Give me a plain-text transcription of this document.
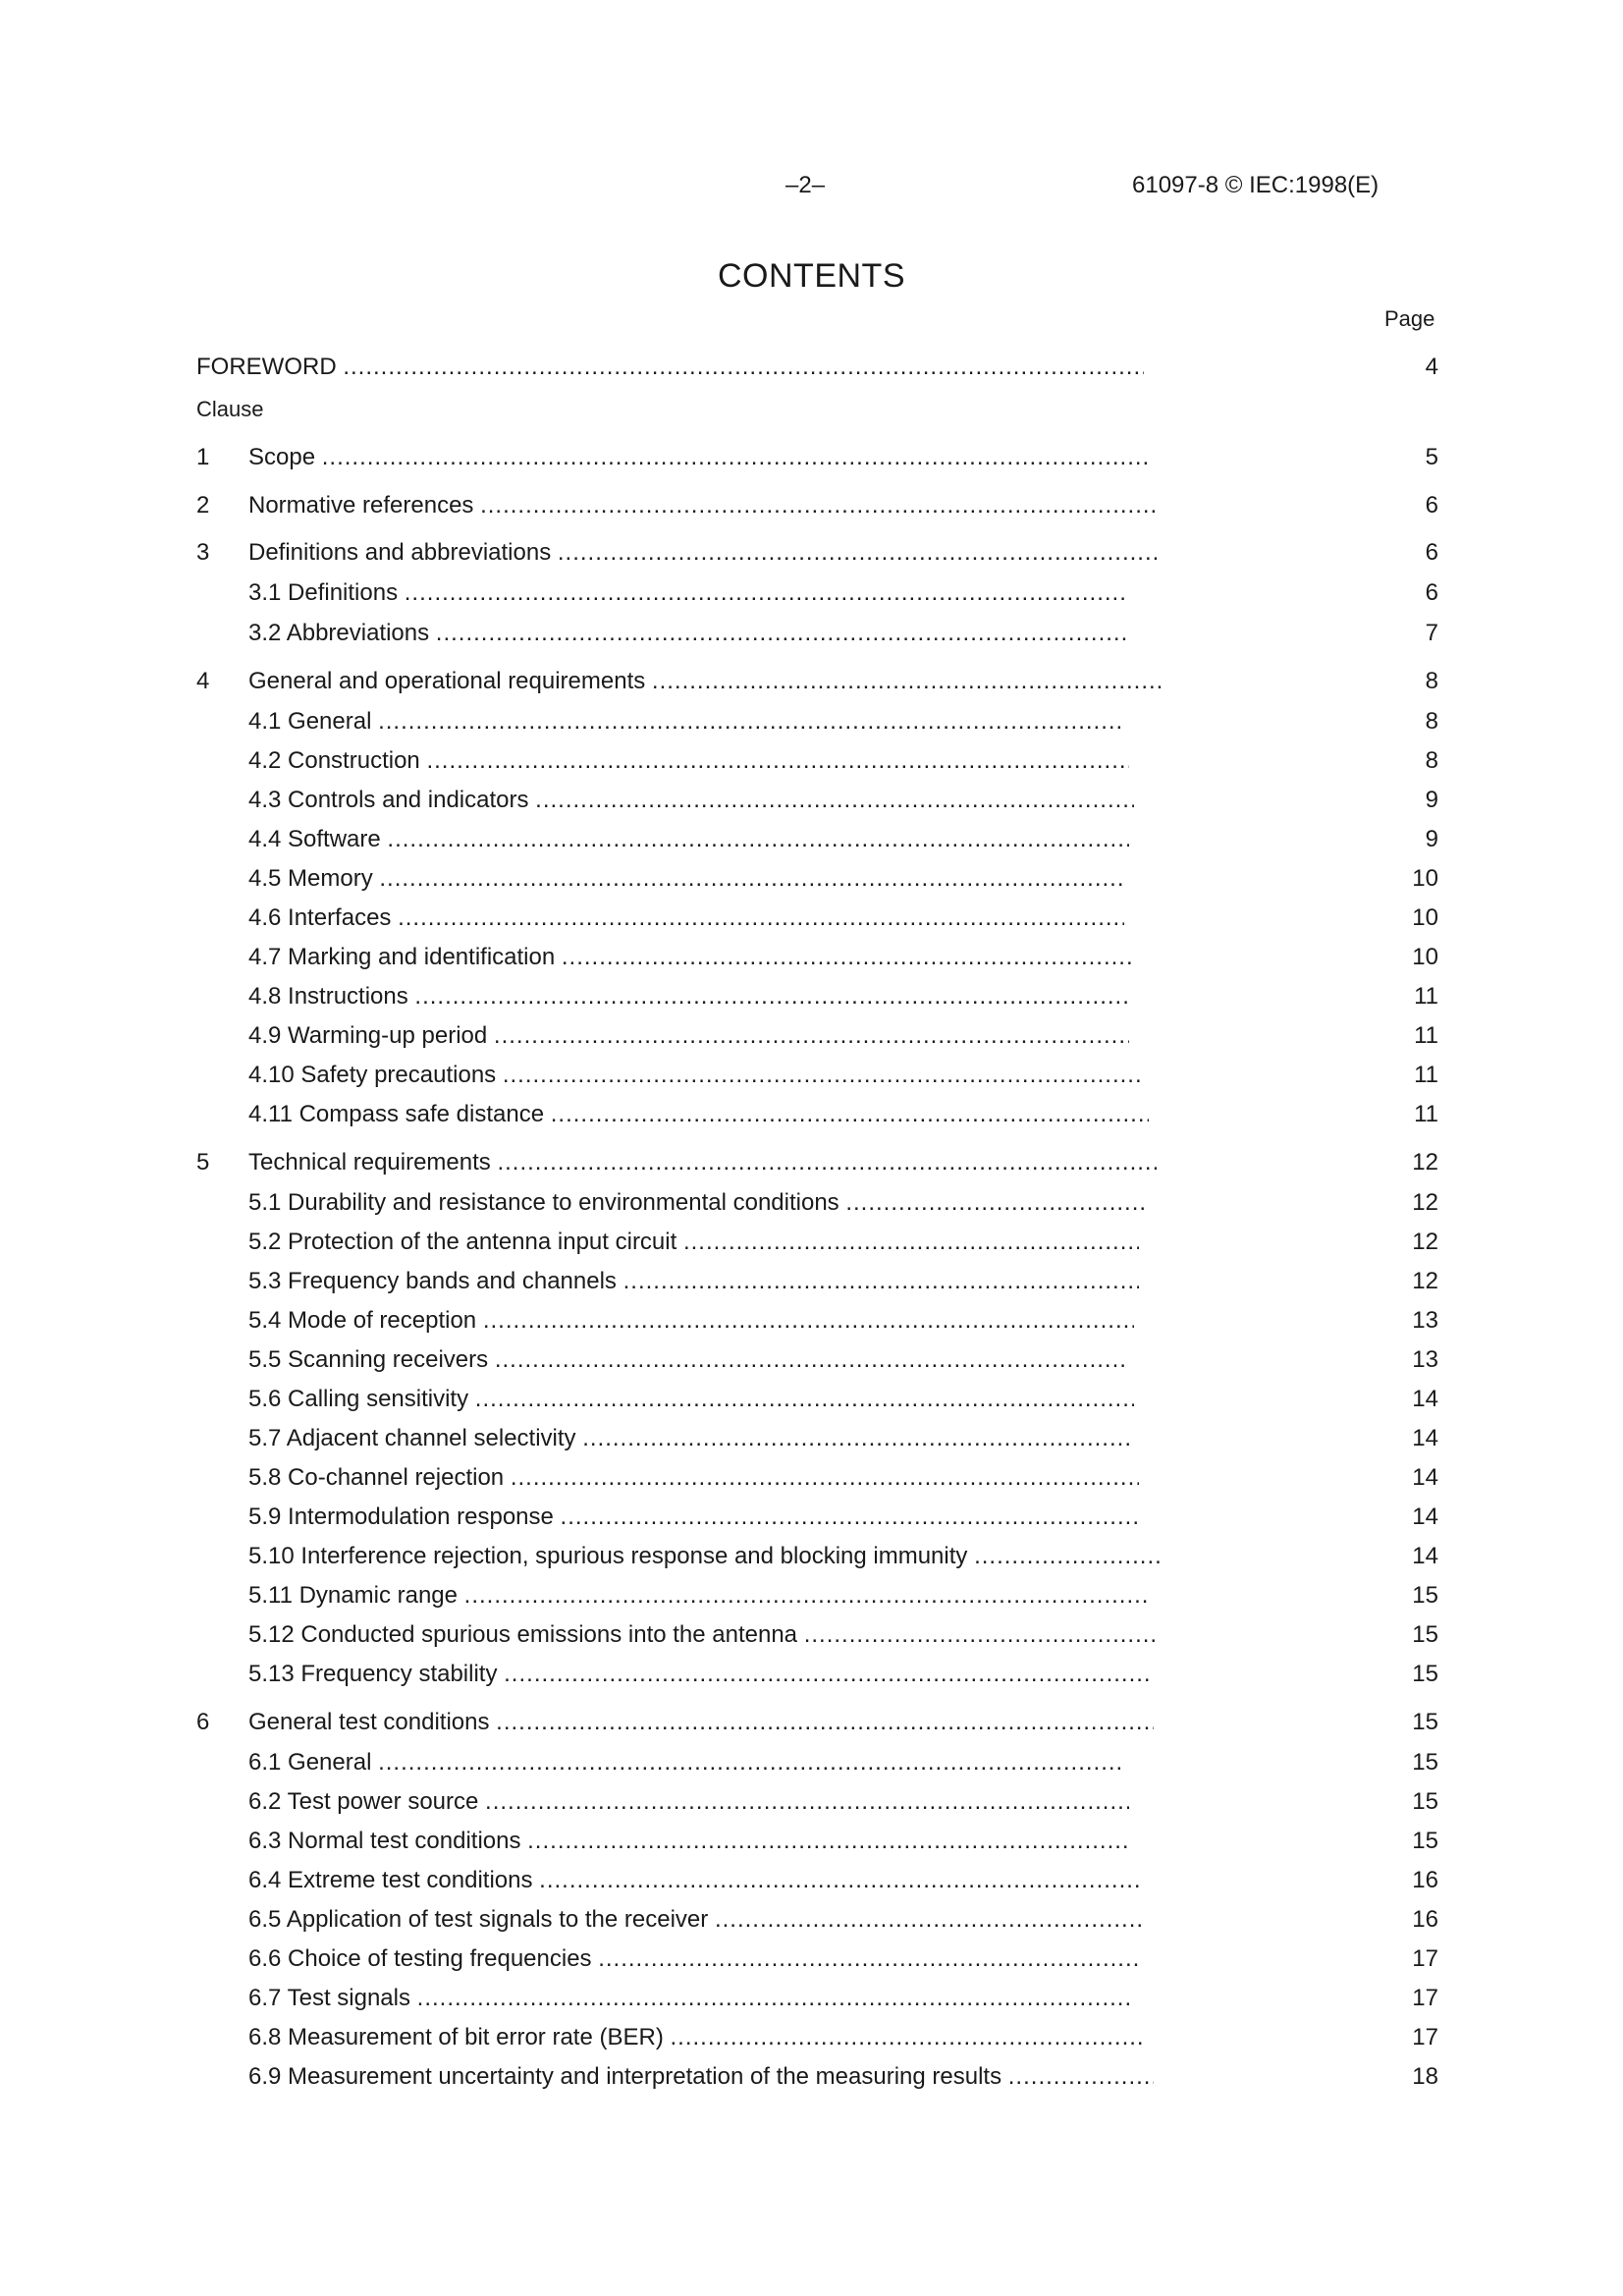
–2–	61097-8 © IEC:1998(E)
CONTENTS
Page
FOREWORD .....	4
Clause
1 Scope .....	5
2 Normative references .....	6
3 Definitions and abbreviations .....	6
3.1 Definitions .....	6
3.2 Abbreviations .....	7
4 General and operational requirements .....	8
4.1 General .....	8
4.2 Construction .....	8
4.3 Controls and indicators .....	9
4.4 Software .....	9
4.5 Memory .....	10
4.6 Interfaces .....	10
4.7 Marking and identification .....	10
4.8 Instructions .....	11
4.9 Warming-up period .....	11
4.10 Safety precautions .....	11
4.11 Compass safe distance .....	11
5 Technical requirements .....	12
5.1 Durability and resistance to environmental conditions .....	12
5.2 Protection of the antenna input circuit .....	12
5.3 Frequency bands and channels .....	12
5.4 Mode of reception .....	13
5.5 Scanning receivers .....	13
5.6 Calling sensitivity .....	14
5.7 Adjacent channel selectivity .....	14
5.8 Co-channel rejection .....	14
5.9 Intermodulation response .....	14
5.10 Interference rejection, spurious response and blocking immunity .....	14
5.11 Dynamic range .....	15
5.12 Conducted spurious emissions into the antenna .....	15
5.13 Frequency stability .....	15
6 General test conditions .....	15
6.1 General .....	15
6.2 Test power source .....	15
6.3 Normal test conditions .....	15
6.4 Extreme test conditions .....	16
6.5 Application of test signals to the receiver .....	16
6.6 Choice of testing frequencies .....	17
6.7 Test signals .....	17
6.8 Measurement of bit error rate (BER) .....	17
6.9 Measurement uncertainty and interpretation of the measuring results .....	18
